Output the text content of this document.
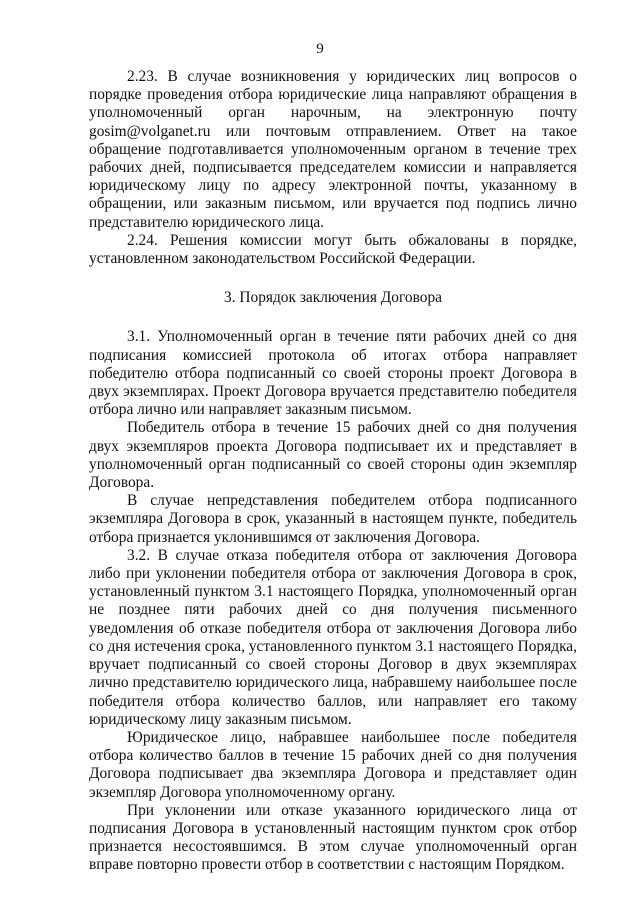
9

2.23. В случае возникновения у юридических лиц вопросов о порядке проведения отбора юридические лица направляют обращения в уполномоченный орган нарочным, на электронную почту gosim@volganet.ru или почтовым отправлением. Ответ на такое обращение подготавливается уполномоченным органом в течение трех рабочих дней, подписывается председателем комиссии и направляется юридическому лицу по адресу электронной почты, указанному в обращении, или заказным письмом, или вручается под подпись лично представителю юридического лица.

2.24. Решения комиссии могут быть обжалованы в порядке, установленном законодательством Российской Федерации.

3. Порядок заключения Договора

3.1. Уполномоченный орган в течение пяти рабочих дней со дня подписания комиссией протокола об итогах отбора направляет победителю отбора подписанный со своей стороны проект Договора в двух экземплярах. Проект Договора вручается представителю победителя отбора лично или направляет заказным письмом.

Победитель отбора в течение 15 рабочих дней со дня получения двух экземпляров проекта Договора подписывает их и представляет в уполномоченный орган подписанный со своей стороны один экземпляр Договора.

В случае непредставления победителем отбора подписанного экземпляра Договора в срок, указанный в настоящем пункте, победитель отбора признается уклонившимся от заключения Договора.

3.2. В случае отказа победителя отбора от заключения Договора либо при уклонении победителя отбора от заключения Договора в срок, установленный пунктом 3.1 настоящего Порядка, уполномоченный орган не позднее пяти рабочих дней со дня получения письменного уведомления об отказе победителя отбора от заключения Договора либо со дня истечения срока, установленного пунктом 3.1 настоящего Порядка, вручает подписанный со своей стороны Договор в двух экземплярах лично представителю юридического лица, набравшему наибольшее после победителя отбора количество баллов, или направляет его такому юридическому лицу заказным письмом.

Юридическое лицо, набравшее наибольшее после победителя отбора количество баллов в течение 15 рабочих дней со дня получения Договора подписывает два экземпляра Договора и представляет один экземпляр Договора уполномоченному органу.

При уклонении или отказе указанного юридического лица от подписания Договора в установленный настоящим пунктом срок отбор признается несостоявшимся. В этом случае уполномоченный орган вправе повторно провести отбор в соответствии с настоящим Порядком.
